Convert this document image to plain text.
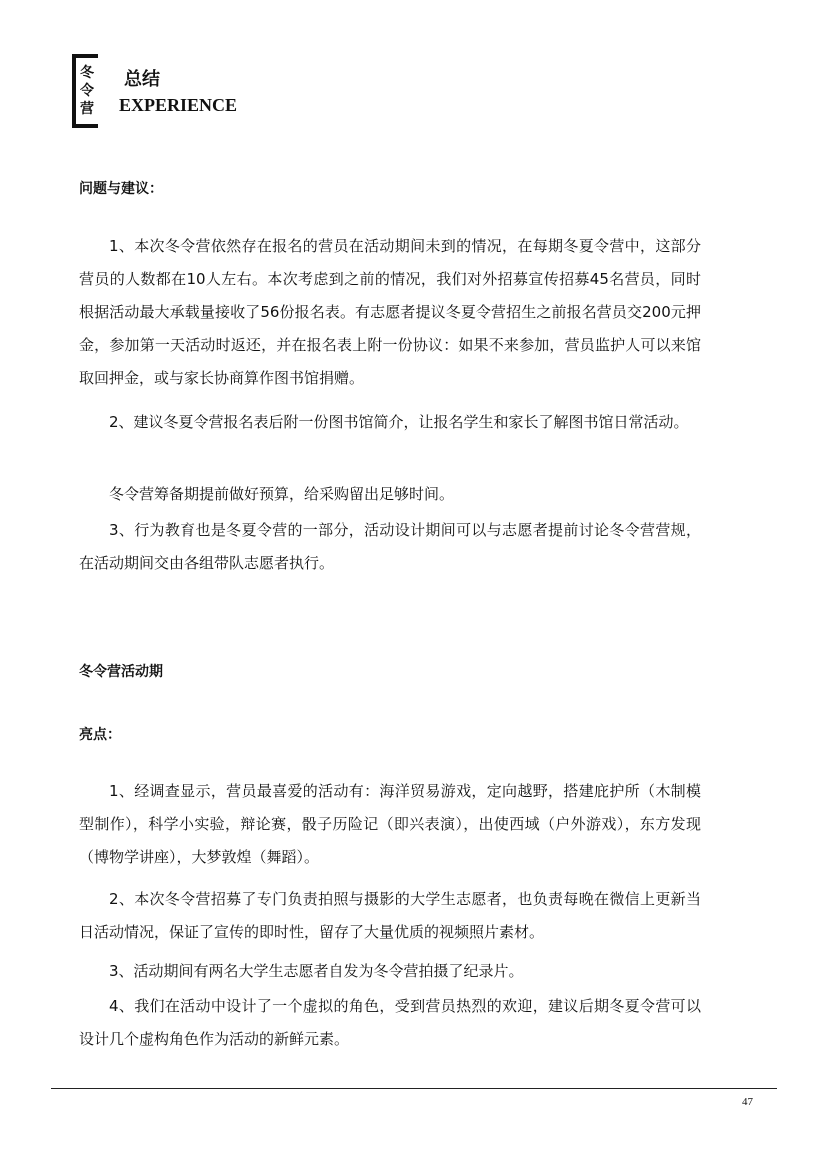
冬令营
总结
EXPERIENCE
问题与建议：
1、本次冬令营依然存在报名的营员在活动期间未到的情况，在每期冬夏令营中，这部分营员的人数都在10人左右。本次考虑到之前的情况，我们对外招募宣传招募45名营员，同时根据活动最大承载量接收了56份报名表。有志愿者提议冬夏令营招生之前报名营员交200元押金，参加第一天活动时返还，并在报名表上附一份协议：如果不来参加，营员监护人可以来馆取回押金，或与家长协商算作图书馆捐赠。
2、建议冬夏令营报名表后附一份图书馆简介，让报名学生和家长了解图书馆日常活动。
冬令营筹备期提前做好预算，给采购留出足够时间。
3、行为教育也是冬夏令营的一部分，活动设计期间可以与志愿者提前讨论冬令营营规，在活动期间交由各组带队志愿者执行。
冬令营活动期
亮点：
1、经调查显示，营员最喜爱的活动有：海洋贸易游戏，定向越野，搭建庇护所（木制模型制作），科学小实验，辩论赛，骰子历险记（即兴表演），出使西域（户外游戏），东方发现（博物学讲座），大梦敦煌（舞蹈）。
2、本次冬令营招募了专门负责拍照与摄影的大学生志愿者，也负责每晚在微信上更新当日活动情况，保证了宣传的即时性，留存了大量优质的视频照片素材。
3、活动期间有两名大学生志愿者自发为冬令营拍摄了纪录片。
4、我们在活动中设计了一个虚拟的角色，受到营员热烈的欢迎，建议后期冬夏令营可以设计几个虚构角色作为活动的新鲜元素。
47
